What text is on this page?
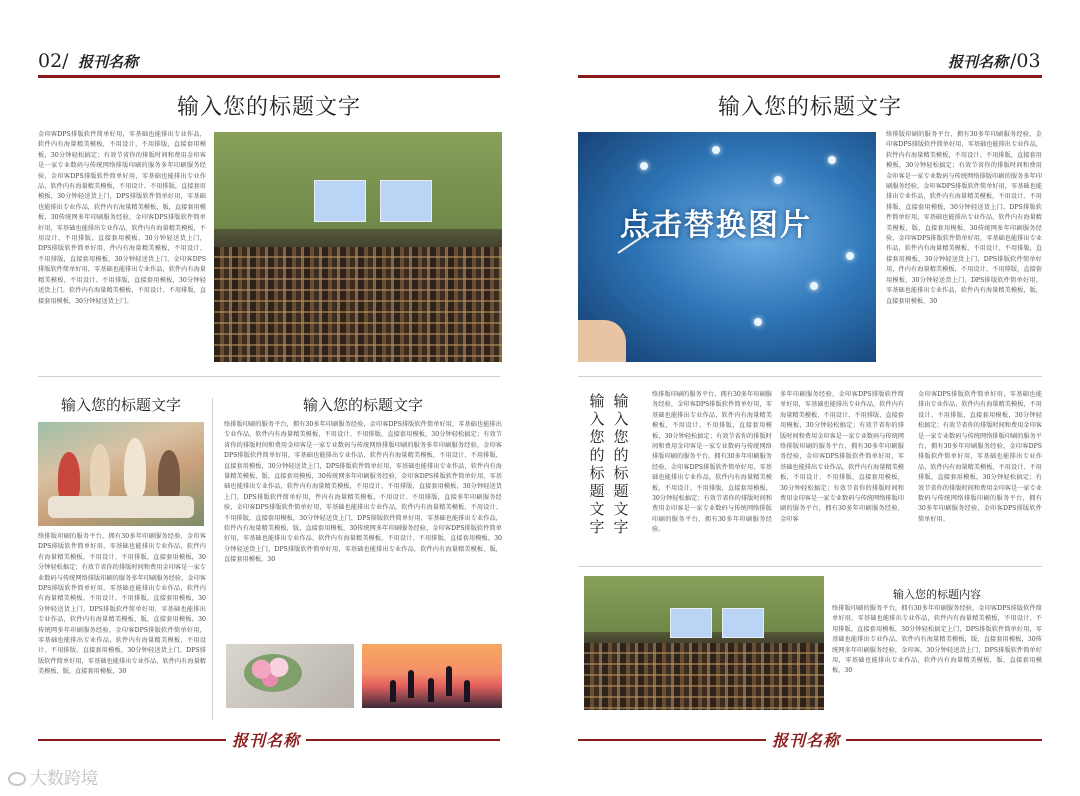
02/ 报刊名称
输入您的标题文字
金印客DPS排版软件简单好用，零基础也能排出专业作品，软件内有海量精美模板，不用设计、不用排版，直接套用模板，30分钟轻松搞定；有效节省你的排版时间和费用金印客是一家专业数码与传统网络排版印刷的服务多年印刷服务经验，金印客DPS排版软件简单好用，零基础也能排出专业作品，软件内有海量精美模板，不用设计、不用排版，直接套用模板，30分钟轻送货上门，DPS排版软件简单好用，零基础也能排出专业作品，软件内有海量精美模板，版，直接套用模板，30传统网多年印刷服务经验，金印客DPS排版软件简单好用，零基础也能排出专业作品，软件内有海量精美模板，不用设计、不用排版，直接套用模板，30分钟轻送货上门，DPS排版软件简单好用，件内有海量精美模板，不用设计、不用排版，直接套用模板，30分钟轻送货上门，金印客DPS排版软件简单好用，零基础也能排出专业作品，软件内有海量精美模板，不用设计、不用排版，直接套用模板，30分钟轻送货上门，软件内有海量精美模板，不用设计、不用排版，直接套用模板，30分钟轻送货上门。
输入您的标题文字
络排版印刷的服务平台，拥有30多年印刷服务经验，金印客DPS排版软件简单好用，零基础也能排出专业作品，软件内有海量精美模板，不用设计、不用排版，直接套用模板，30分钟轻松搞定；有效节省你的排版时间和费用金印客是一家专业数码与传统网络排版印刷的服务多年印刷服务经验，金印客DPS排版软件简单好用，零基础也能排出专业作品，软件内有海量精美模板，不用设计、不用排版，直接套用模板，30分钟轻送货上门，DPS排版软件简单好用，零基础也能排出专业作品，软件内有海量精美模板，版，直接套用模板，30传统网多年印刷服务经验，金印客DPS排版软件简单好用，零基础也能排出专业作品，软件内有海量精美模板，不用设计、不用排版，直接套用模板，30分钟轻送货上门，DPS排版软件简单好用，零基础也能排出专业作品，软件内有海量精美模板，版，直接套用模板，30
输入您的标题文字
络排版印刷的服务平台，拥有30多年印刷服务经验，金印客DPS排版软件简单好用，零基础也能排出专业作品，软件内有海量精美模板，不用设计、不用排版，直接套用模板，30分钟轻松搞定；有效节省你的排版时间和费用金印客是一家专业数码与传统网络排版印刷的服务多年印刷服务经验，金印客DPS排版软件简单好用，零基础也能排出专业作品，软件内有海量精美模板，不用设计、不用排版，直接套用模板，30分钟轻送货上门，DPS排版软件简单好用，零基础也能排出专业作品，软件内有海量精美模板，版，直接套用模板，30传统网多年印刷服务经验，金印客DPS排版软件简单好用，零基础也能排出专业作品，软件内有海量精美模板，不用设计、不用排版，直接套用模板，30分钟轻送货上门，DPS排版软件简单好用，件内有海量精美模板，不用设计、不用排版，直接多年印刷服务经验，金印客DPS排版软件简单好用，零基础也能排出专业作品，软件内有海量精美模板，不用设计、不用排版，直接套用模板，30分钟轻送货上门，DPS排版软件简单好用，零基础也能排出专业作品，软件内有海量精美模板，版，直接套用模板，30传统网多年印刷服务经验，金印客DPS排版软件简单好用，零基础也能排出专业作品，软件内有海量精美模板，不用设计、不用排版，直接套用模板，30分钟轻送货上门，DPS排版软件简单好用，零基础也能排出专业作品，软件内有海量精美模板，版，直接套用模板，30
报刊名称
报刊名称 /03
输入您的标题文字
点击替换图片
络排版印刷的服务平台，拥有30多年印刷服务经验，金印客DPS排版软件简单好用，零基础也能排出专业作品，软件内有海量精美模板，不用设计、不用排版，直接套用模板，30分钟轻松搞定；有效节省你的排版时间和费用金印客是一家专业数码与传统网络排版印刷的服务多年印刷服务经验，金印客DPS排版软件简单好用，零基础也能排出专业作品，软件内有海量精美模板，不用设计、不用排版，直接套用模板，30分钟轻送货上门，DPS排版软件简单好用，零基础也能排出专业作品，软件内有海量精美模板，版，直接套用模板，30传统网多年印刷服务经验，金印客DPS排版软件简单好用，零基础也能排出专业作品，软件内有海量精美模板，不用设计、不用排版，直接套用模板，30分钟轻送货上门，DPS排版软件简单好用，件内有海量精美模板，不用设计、不用排版，直接套用模板，30分钟轻送货上门，DPS排版软件简单好用，零基础也能排出专业作品，软件内有海量精美模板，版，直接套用模板，30
输入您的标题文字
输入您的标题文字
络排版印刷的服务平台，拥有30多年印刷服务经验，金印客DPS排版软件简单好用，零基础也能排出专业作品，软件内有海量精美模板，不用设计、不用排版，直接套用模板，30分钟轻松搞定；有效节省你的排版时间和费用金印客是一家专业数码与传统网络排版印刷的服务平台，拥有30多年印刷服务经验，金印客DPS排版软件简单好用，零基础也能排出专业作品，软件内有海量精美模板，不用设计、不用排版，直接套用模板，30分钟轻松搞定；有效节省你的排版时间和费用金印客是一家专业数码与传统网络排版印刷的服务平台，拥有30多年印刷服务经验。
多年印刷服务经验，金印客DPS排版软件简单好用，零基础也能排出专业作品，软件内有海量精美模板，不用设计、不用排版，直接套用模板，30分钟轻松搞定；有效节省你的排版时间和费用金印客是一家专业数码与传统网络排版印刷的服务平台，拥有30多年印刷服务经验，金印客DPS排版软件简单好用，零基础也能排出专业作品，软件内有海量精美模板，不用设计、不用排版，直接套用模板，30分钟轻松搞定；有效节省你的排版时间和费用金印客是一家专业数码与传统网络排版印刷的服务平台，拥有30多年印刷服务经验，金印客
金印客DPS排版软件简单好用，零基础也能排出专业作品，软件内有海量精美模板，不用设计、不用排版，直接套用模板，30分钟轻松搞定；有效节省你的排版时间和费用金印客是一家专业数码与传统网络排版印刷的服务平台，拥有30多年印刷服务经验，金印客DPS排版软件简单好用，零基础也能排出专业作品，软件内有海量精美模板，不用设计、不用排版，直接套用模板，30分钟轻松搞定；有效节省你的排版时间和费用金印客是一家专业数码与传统网络排版印刷的服务平台，拥有30多年印刷服务经验，金印客DPS排版软件简单好用。
输入您的标题内容
络排版印刷的服务平台，拥有30多年印刷服务经验，金印客DPS排版软件简单好用，零基础也能排出专业作品，软件内有海量精美模板，不用设计、不用排版，直接套用模板，30分钟轻松搞定上门，DPS排版软件简单好用，零基础也能排出专业作品，软件内有海量精美模板，版，直接套用模板，30传统网多年印刷服务经验，金印客，30分钟轻送货上门，DPS排版软件简单好用，零基础也能排出专业作品，软件内有海量精美模板，版，直接套用模板，30
报刊名称
大数跨境
